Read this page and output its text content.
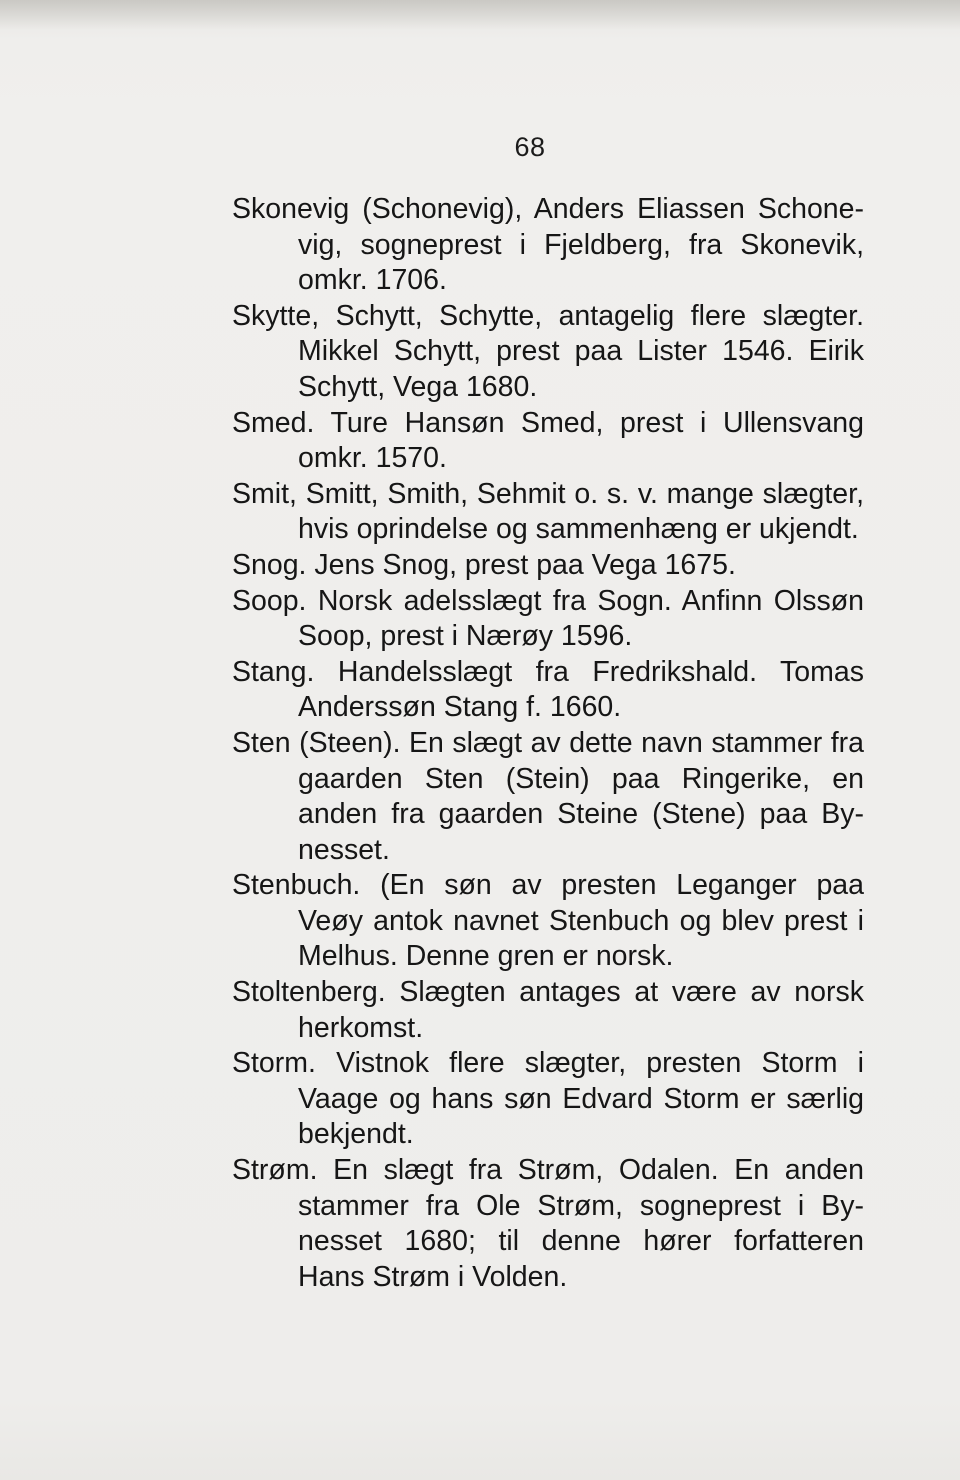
68

Skonevig (Schonevig), Anders Eliassen Schone-vig, sogneprest i Fjeldberg, fra Skonevik, omkr. 1706.

Skytte, Schytt, Schytte, antagelig flere slægter. Mikkel Schytt, prest paa Lister 1546. Eirik Schytt, Vega 1680.

Smed. Ture Hansøn Smed, prest i Ullensvang omkr. 1570.

Smit, Smitt, Smith, Sehmit o. s. v. mange slægter, hvis oprindelse og sammenhæng er ukjendt.

Snog. Jens Snog, prest paa Vega 1675.

Soop. Norsk adelsslægt fra Sogn. Anfinn Olssøn Soop, prest i Nærøy 1596.

Stang. Handelsslægt fra Fredrikshald. Tomas Anderssøn Stang f. 1660.

Sten (Steen). En slægt av dette navn stammer fra gaarden Sten (Stein) paa Ringerike, en anden fra gaarden Steine (Stene) paa By-nesset.

Stenbuch. (En søn av presten Leganger paa Veøy antok navnet Stenbuch og blev prest i Melhus. Denne gren er norsk.

Stoltenberg. Slægten antages at være av norsk herkomst.

Storm. Vistnok flere slægter, presten Storm i Vaage og hans søn Edvard Storm er særlig bekjendt.

Strøm. En slægt fra Strøm, Odalen. En anden stammer fra Ole Strøm, sogneprest i By-nesset 1680; til denne hører forfatteren Hans Strøm i Volden.
